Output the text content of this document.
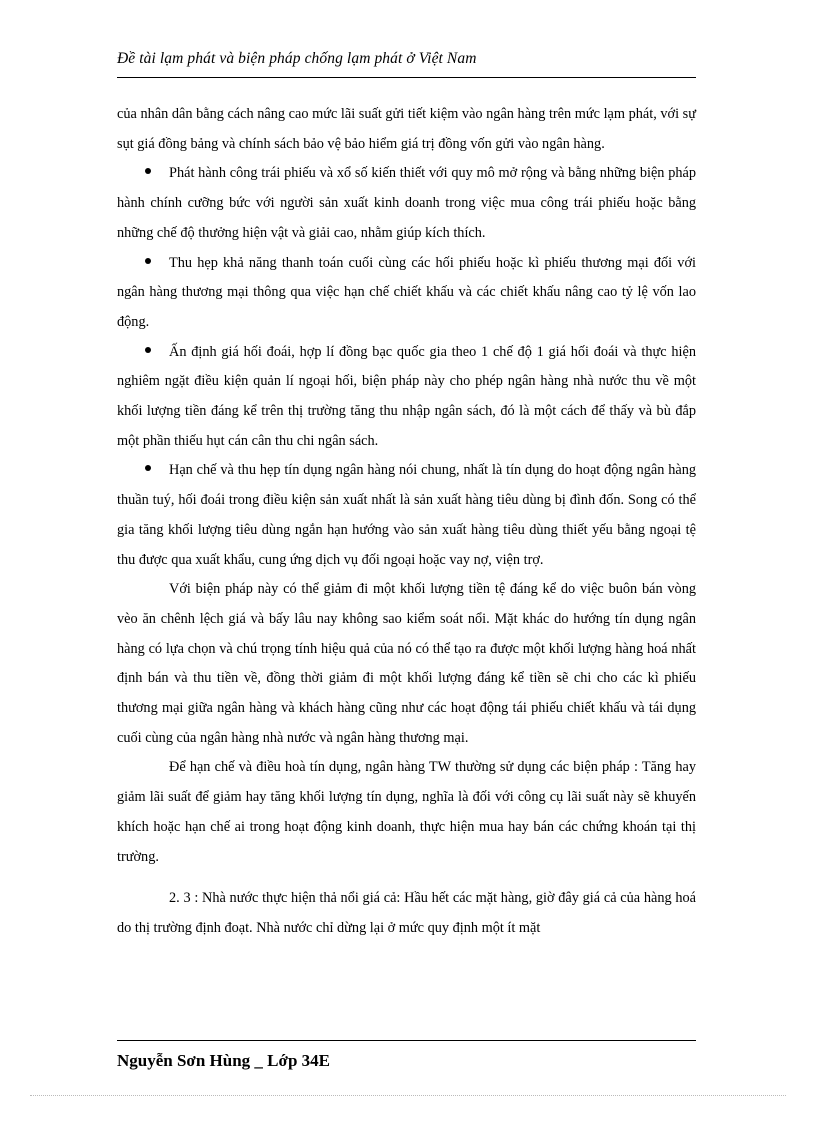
Đề tài lạm phát và biện pháp chống lạm phát ở Việt Nam

của nhân dân bằng cách nâng cao mức lãi suất gửi tiết kiệm vào ngân hàng trên mức lạm phát, với sự sụt giá đồng bảng và chính sách bảo vệ bảo hiểm giá trị đồng vốn gửi vào ngân hàng.

Phát hành công trái phiếu và xổ số kiến thiết với quy mô mở rộng và bằng những biện pháp hành chính cưỡng bức với người sản xuất kinh doanh trong việc mua công trái phiếu hoặc bằng những chế độ thưởng hiện vật và giải cao, nhằm giúp kích thích.

Thu hẹp khả năng thanh toán cuối cùng các hối phiếu hoặc kì phiếu thương mại đối với ngân hàng thương mại thông qua việc hạn chế chiết khấu và các chiết khấu nâng cao tỷ lệ vốn lao động.

Ấn định giá hối đoái, hợp lí đồng bạc quốc gia theo 1 chế độ 1 giá hối đoái và thực hiện nghiêm ngặt điều kiện quản lí ngoại hối, biện pháp này cho phép ngân hàng nhà nước thu về một khối lượng tiền đáng kể trên thị trường tăng thu nhập ngân sách, đó là một cách để thấy và bù đắp một phần thiếu hụt cán cân thu chi ngân sách.

Hạn chế và thu hẹp tín dụng ngân hàng nói chung, nhất là tín dụng do hoạt động ngân hàng thuần tuý, hối đoái trong điều kiện sản xuất nhất là sản xuất hàng tiêu dùng bị đình đốn. Song có thể gia tăng khối lượng tiêu dùng ngắn hạn hướng vào sản xuất hàng tiêu dùng thiết yếu bằng ngoại tệ thu được qua xuất khẩu, cung ứng dịch vụ đối ngoại hoặc vay nợ, viện trợ.

Với biện pháp này có thể giảm đi một khối lượng tiền tệ đáng kể do việc buôn bán vòng vèo ăn chênh lệch giá và bấy lâu nay không sao kiểm soát nổi. Mặt khác do hướng tín dụng ngân hàng có lựa chọn và chú trọng tính hiệu quả của nó có thể tạo ra được một khối lượng hàng hoá nhất định bán và thu tiền về, đồng thời giảm đi một khối lượng đáng kể tiền sẽ chi cho các kì phiếu thương mại giữa ngân hàng và khách hàng cũng như các hoạt động tái phiếu chiết khấu và tái dụng cuối cùng của ngân hàng nhà nước và ngân hàng thương mại.

Để hạn chế và điều hoà tín dụng, ngân hàng TW thường sử dụng các biện pháp : Tăng hay giảm lãi suất để giảm hay tăng khối lượng tín dụng, nghĩa là đối với công cụ lãi suất này sẽ khuyến khích hoặc hạn chế ai trong hoạt động kinh doanh, thực hiện mua hay bán các chứng khoán tại thị trường.

2. 3 : Nhà nước thực hiện thả nổi giá cả: Hầu hết các mặt hàng, giờ đây giá cả của hàng hoá do thị trường định đoạt. Nhà nước chỉ dừng lại ở mức quy định một ít mặt

Nguyễn Sơn Hùng _ Lớp 34E
